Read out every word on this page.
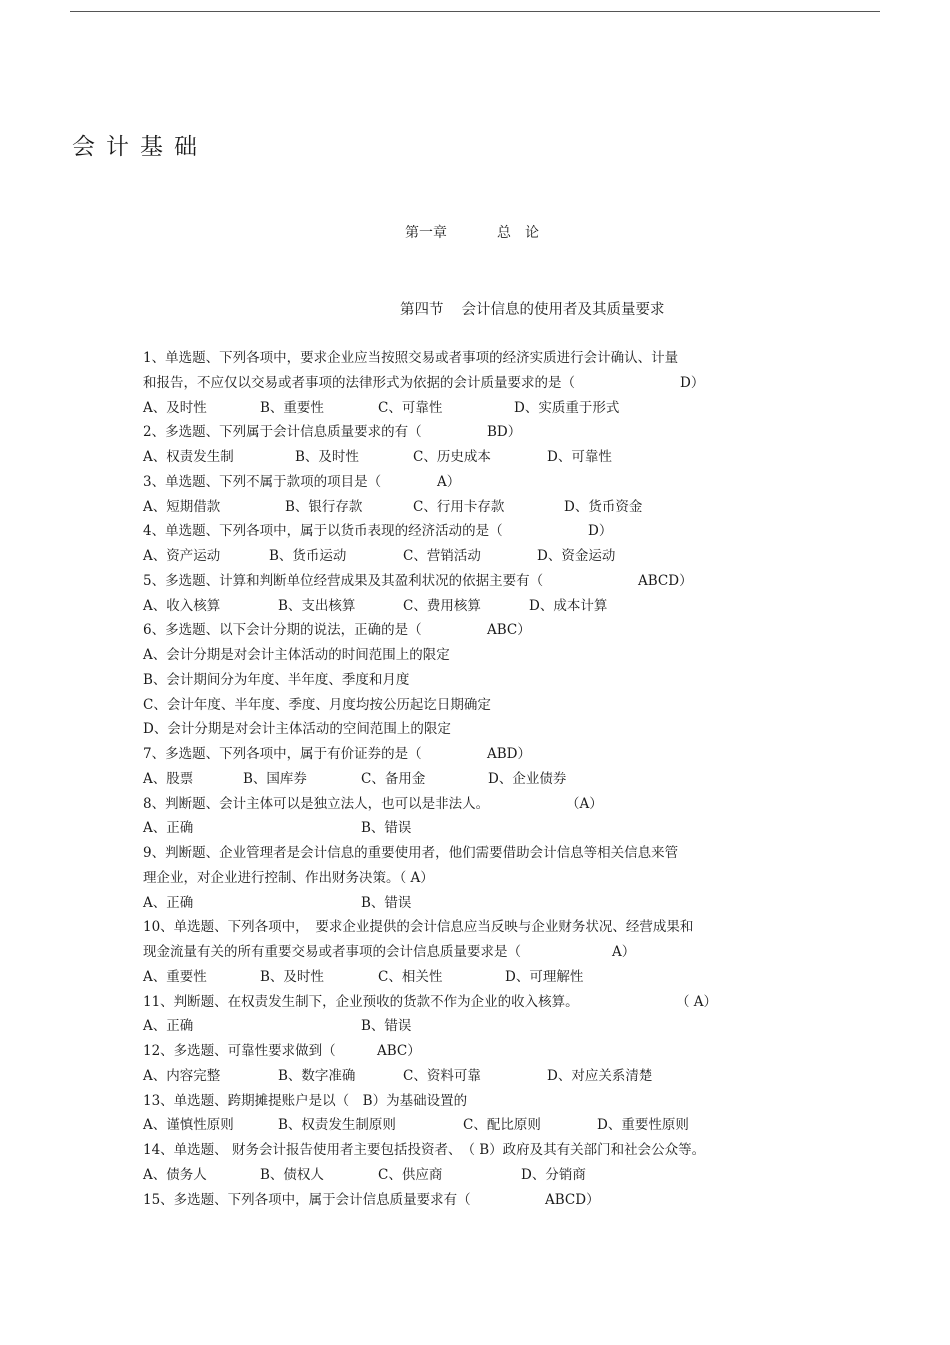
会计基础
第一章	总　论
第四节 会计信息的使用者及其质量要求
1、单选题、下列各项中，要求企业应当按照交易或者事项的经济实质进行会计确认、计量
和报告，不应仅以交易或者事项的法律形式为依据的会计质量要求的是（	D）
A、及时性	B、重要性	C、可靠性	D、实质重于形式
2、多选题、下列属于会计信息质量要求的有（	BD）
A、权责发生制	B、及时性	C、历史成本	D、可靠性
3、单选题、下列不属于款项的项目是（	A）
A、短期借款	B、银行存款	C、行用卡存款	D、货币资金
4、单选题、下列各项中，属于以货币表现的经济活动的是（	D）
A、资产运动	B、货币运动	C、营销活动	D、资金运动
5、多选题、计算和判断单位经营成果及其盈利状况的依据主要有（	ABCD）
A、收入核算	B、支出核算	C、费用核算	D、成本计算
6、多选题、以下会计分期的说法，正确的是（	ABC）
A、会计分期是对会计主体活动的时间范围上的限定
B、会计期间分为年度、半年度、季度和月度
C、会计年度、半年度、季度、月度均按公历起讫日期确定
D、会计分期是对会计主体活动的空间范围上的限定
7、多选题、下列各项中，属于有价证券的是（	ABD）
A、股票	B、国库券	C、备用金	D、企业债券
8、判断题、会计主体可以是独立法人，也可以是非法人。	（A）
A、正确	B、错误
9、判断题、企业管理者是会计信息的重要使用者，他们需要借助会计信息等相关信息来管
理企业，对企业进行控制、作出财务决策。（ A）
A、正确	B、错误
10、单选题、下列各项中，　要求企业提供的会计信息应当反映与企业财务状况、经营成果和
现金流量有关的所有重要交易或者事项的会计信息质量要求是（	A）
A、重要性	B、及时性	C、相关性	D、可理解性
11、判断题、在权责发生制下，企业预收的货款不作为企业的收入核算。	（ A）
A、正确	B、错误
12、多选题、可靠性要求做到（	ABC）
A、内容完整	B、数字准确	C、资料可靠	D、对应关系清楚
13、单选题、跨期摊提账户是以（　B）为基础设置的
A、谨慎性原则	B、权责发生制原则	C、配比原则	D、重要性原则
14、单选题、 财务会计报告使用者主要包括投资者、　（ B）政府及其有关部门和社会公众等。
A、债务人	B、债权人	C、供应商	D、分销商
15、多选题、下列各项中，属于会计信息质量要求有（	ABCD）
